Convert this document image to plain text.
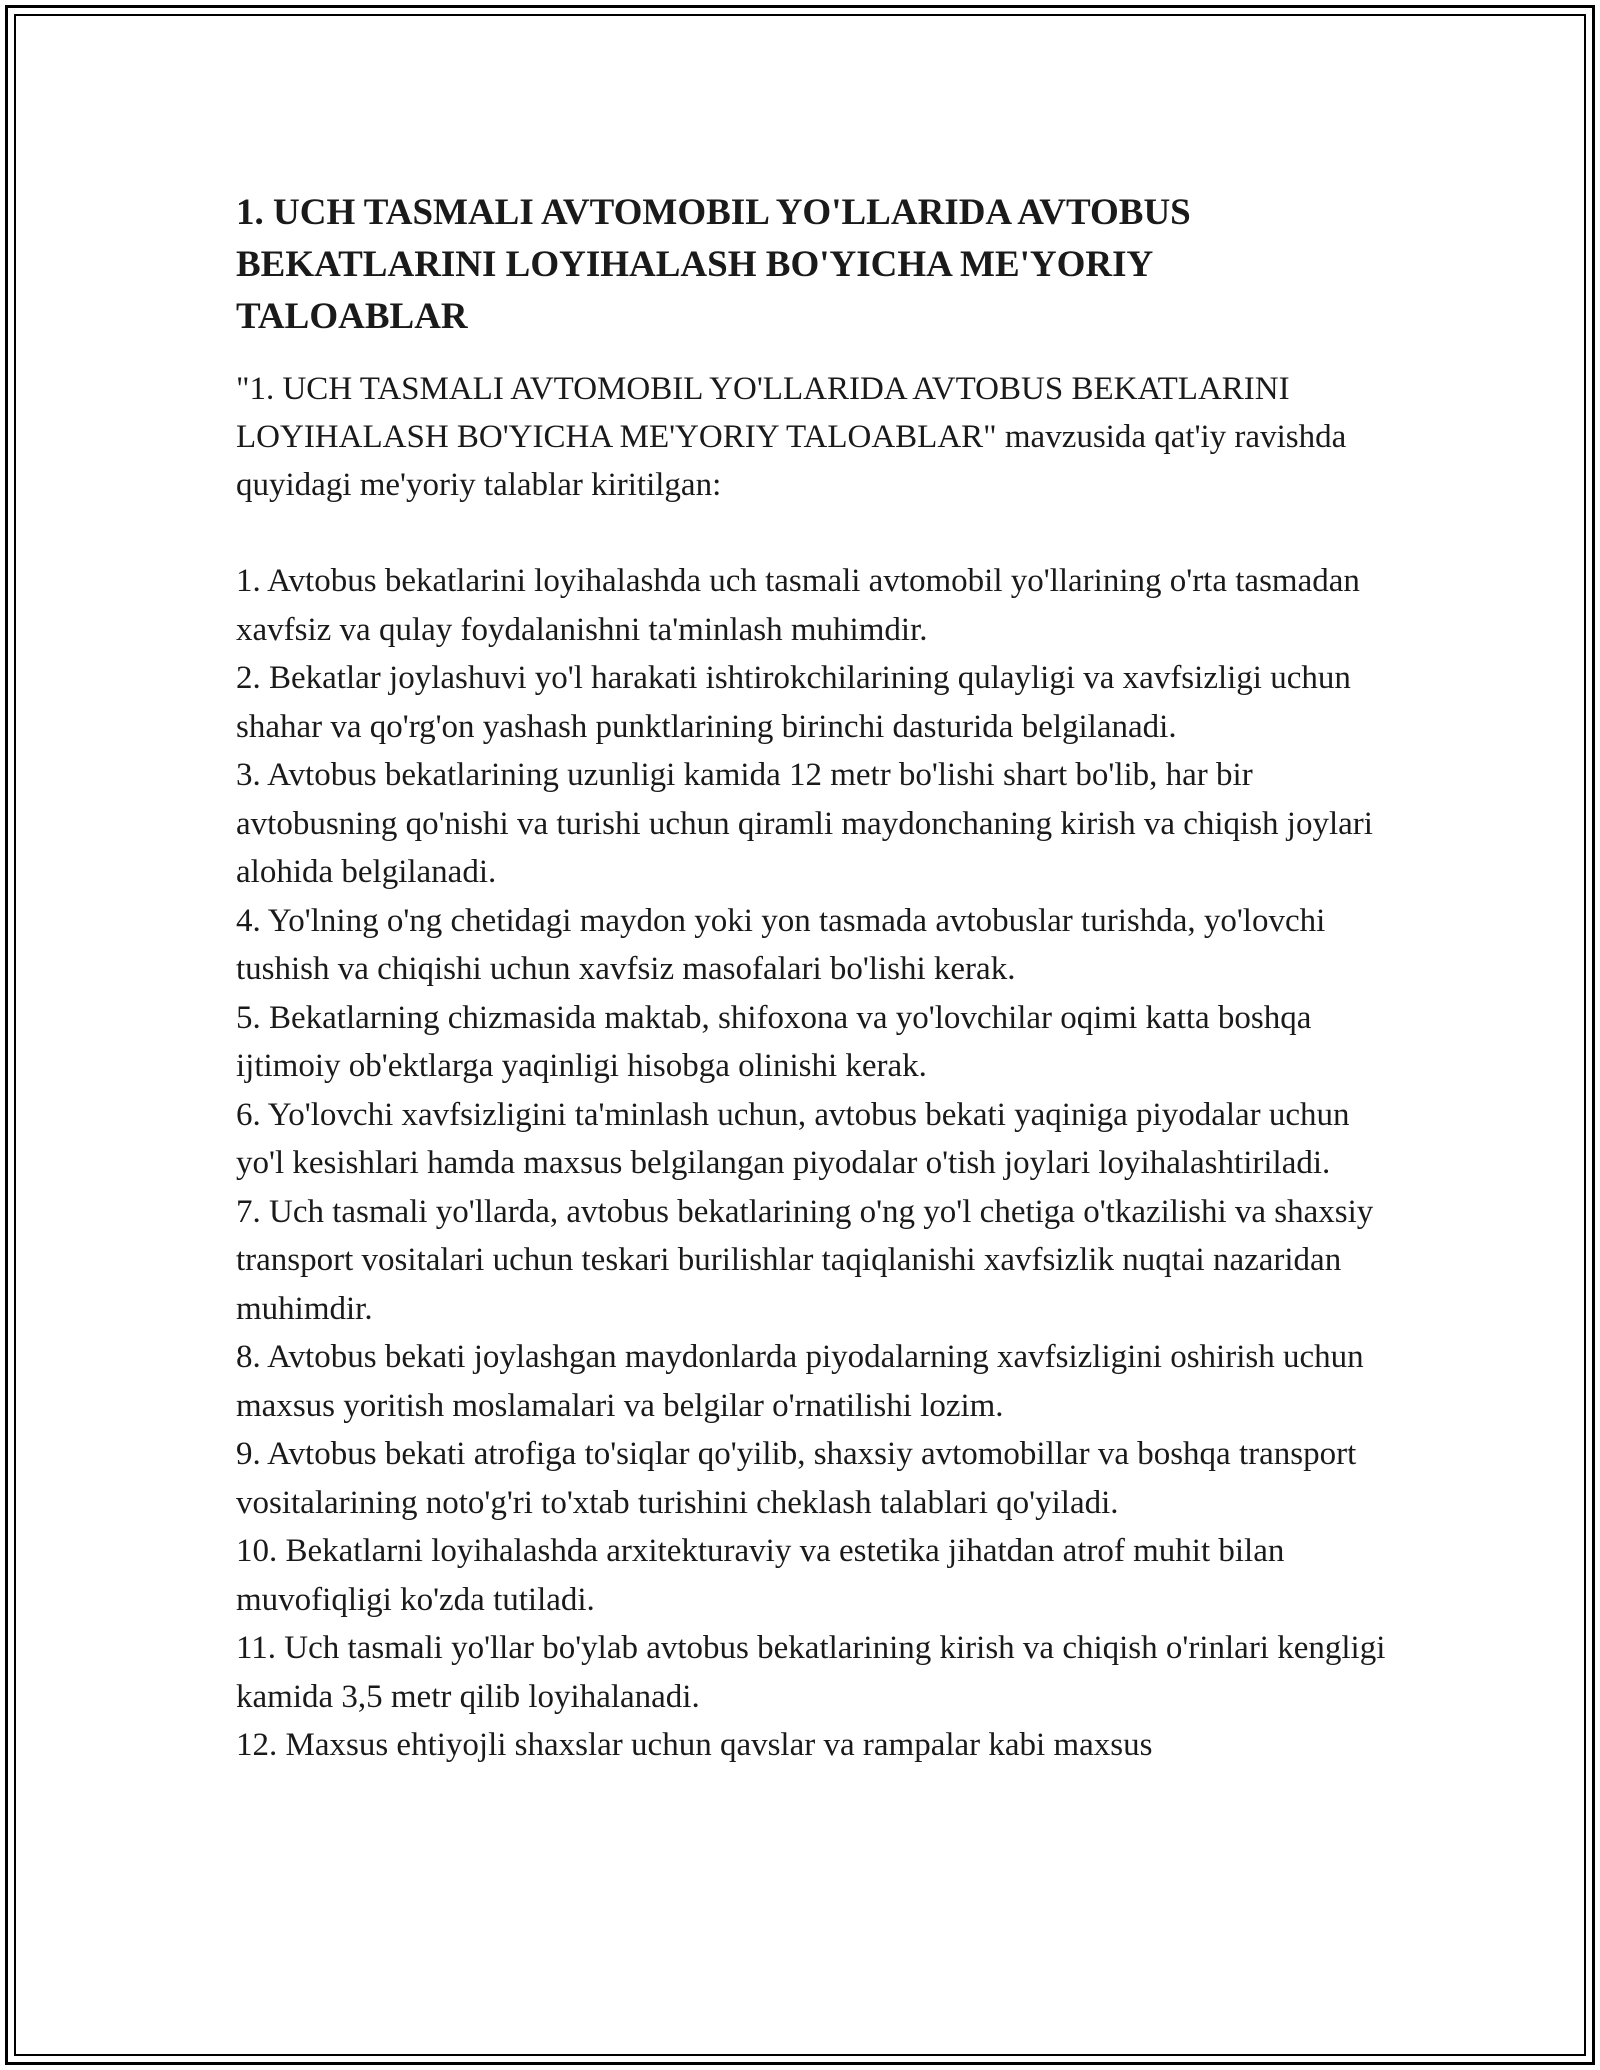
1. UCH TASMALI AVTOMOBIL YO'LLARIDA AVTOBUS BEKATLARINI LOYIHALASH BO'YICHA ME'YORIY TALOABLAR

"1. UCH TASMALI AVTOMOBIL YO'LLARIDA AVTOBUS BEKATLARINI LOYIHALASH BO'YICHA ME'YORIY TALOABLAR" mavzusida qat'iy ravishda quyidagi me'yoriy talablar kiritilgan:

1. Avtobus bekatlarini loyihalashda uch tasmali avtomobil yo'llarining o'rta tasmadan xavfsiz va qulay foydalanishni ta'minlash muhimdir.
2. Bekatlar joylashuvi yo'l harakati ishtirokchilarining qulayligi va xavfsizligi uchun shahar va qo'rg'on yashash punktlarining birinchi dasturida belgilanadi.
3. Avtobus bekatlarining uzunligi kamida 12 metr bo'lishi shart bo'lib, har bir avtobusning qo'nishi va turishi uchun qiramli maydonchaning kirish va chiqish joylari alohida belgilanadi.
4. Yo'lning o'ng chetidagi maydon yoki yon tasmada avtobuslar turishda, yo'lovchi tushish va chiqishi uchun xavfsiz masofalari bo'lishi kerak.
5. Bekatlarning chizmasida maktab, shifoxona va yo'lovchilar oqimi katta boshqa ijtimoiy ob'ektlarga yaqinligi hisobga olinishi kerak.
6. Yo'lovchi xavfsizligini ta'minlash uchun, avtobus bekati yaqiniga piyodalar uchun yo'l kesishlari hamda maxsus belgilangan piyodalar o'tish joylari loyihalashtiriladi.
7. Uch tasmali yo'llarda, avtobus bekatlarining o'ng yo'l chetiga o'tkazilishi va shaxsiy transport vositalari uchun teskari burilishlar taqiqlanishi xavfsizlik nuqtai nazaridan muhimdir.
8. Avtobus bekati joylashgan maydonlarda piyodalarning xavfsizligini oshirish uchun maxsus yoritish moslamalari va belgilar o'rnatilishi lozim.
9. Avtobus bekati atrofiga to'siqlar qo'yilib, shaxsiy avtomobillar va boshqa transport vositalarining noto'g'ri to'xtab turishini cheklash talablari qo'yiladi.
10. Bekatlarni loyihalashda arxitekturaviy va estetika jihatdan atrof muhit bilan muvofiqligi ko'zda tutiladi.
11. Uch tasmali yo'llar bo'ylab avtobus bekatlarining kirish va chiqish o'rinlari kengligi kamida 3,5 metr qilib loyihalanadi.
12. Maxsus ehtiyojli shaxslar uchun qavslar va rampalar kabi maxsus
